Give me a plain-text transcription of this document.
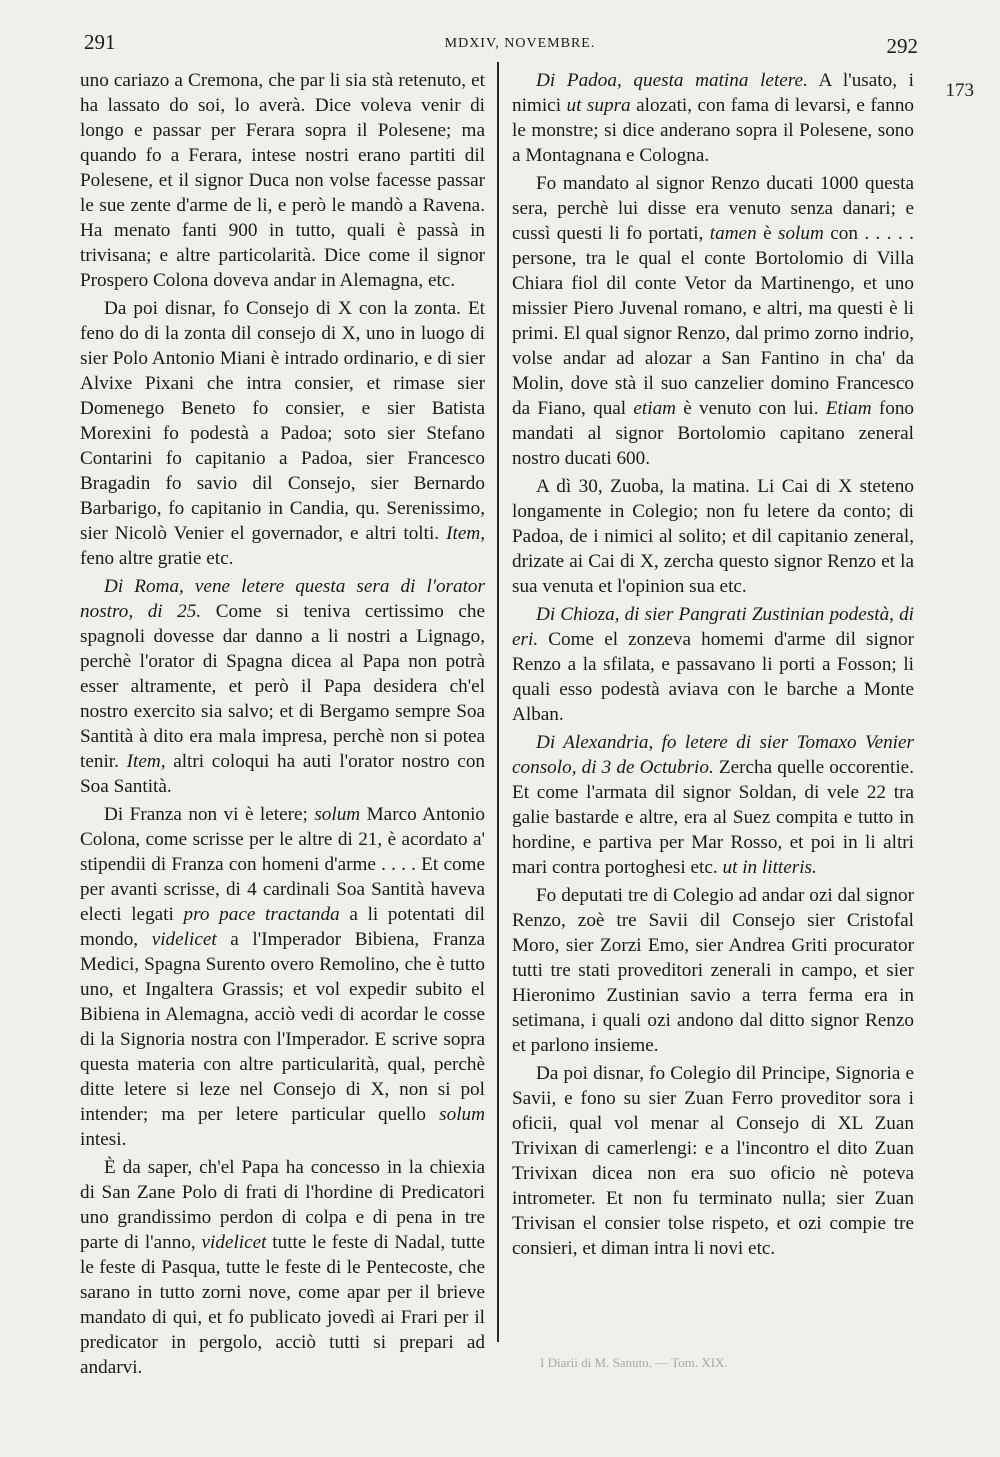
291	MDXIV, NOVEMBRE.	292

uno cariazo a Cremona, che par li sia stà retenuto, et ha lassato do soi, lo averà. Dice voleva venir di longo e passar per Ferara sopra il Polesene; ma quando fo a Ferara, intese nostri erano partiti dil Polesene, et il signor Duca non volse facesse passar le sue zente d'arme de li, e però le mandò a Ravena. Ha menato fanti 900 in tutto, quali è passà in trivisana; e altre particolarità. Dice come il signor Prospero Colona doveva andar in Alemagna, etc.

Da poi disnar, fo Consejo di X con la zonta. Et feno do di la zonta dil consejo di X, uno in luogo di sier Polo Antonio Miani è intrado ordinario, e di sier Alvixe Pixani che intra consier, et rimase sier Domenego Beneto fo consier, e sier Batista Morexini fo podestà a Padoa; soto sier Stefano Contarini fo capitanio a Padoa, sier Francesco Bragadin fo savio dil Consejo, sier Bernardo Barbarigo, fo capitanio in Candia, qu. Serenissimo, sier Nicolò Venier el governador, e altri tolti. Item, feno altre gratie etc.

Di Roma, vene letere questa sera di l'orator nostro, di 25. Come si teniva certissimo che spagnoli dovesse dar danno a li nostri a Lignago, perchè l'orator di Spagna dicea al Papa non potrà esser altramente, et però il Papa desidera ch'el nostro exercito sia salvo; et di Bergamo sempre Soa Santità à dito era mala impresa, perchè non si potea tenir. Item, altri coloqui ha auti l'orator nostro con Soa Santità.

Di Franza non vi è letere; solum Marco Antonio Colona, come scrisse per le altre di 21, è acordato a' stipendii di Franza con homeni d'arme . . . . Et come per avanti scrisse, di 4 cardinali Soa Santità haveva electi legati pro pace tractanda a li potentati dil mondo, videlicet a l'Imperador Bibiena, Franza Medici, Spagna Surento overo Remolino, che è tutto uno, et Ingaltera Grassis; et vol expedir subito el Bibiena in Alemagna, acciò vedi di acordar le cosse di la Signoria nostra con l'Imperador. E scrive sopra questa materia con altre particularità, qual, perchè ditte letere si leze nel Consejo di X, non si pol intender; ma per letere particular quello solum intesi.

È da saper, ch'el Papa ha concesso in la chiexia di San Zane Polo di frati di l'hordine di Predicatori uno grandissimo perdon di colpa e di pena in tre parte di l'anno, videlicet tutte le feste di Nadal, tutte le feste di Pasqua, tutte le feste di le Pentecoste, che sarano in tutto zorni nove, come apar per il brieve mandato di qui, et fo publicato jovedì ai Frari per il predicator in pergolo, acciò tutti si prepari ad andarvi.

Di Padoa, questa matina letere. A l'usato, i nimici ut supra alozati, con fama di levarsi, e fanno le monstre; si dice anderano sopra il Polesene, sono a Montagnana e Cologna.

Fo mandato al signor Renzo ducati 1000 questa sera, perchè lui disse era venuto senza danari; e cussì questi li fo portati, tamen è solum con . . . . . persone, tra le qual el conte Bortolomio di Villa Chiara fiol dil conte Vetor da Martinengo, et uno missier Piero Juvenal romano, e altri, ma questi è li primi. El qual signor Renzo, dal primo zorno indrio, volse andar ad alozar a San Fantino in cha' da Molin, dove stà il suo canzelier domino Francesco da Fiano, qual etiam è venuto con lui. Etiam fono mandati al signor Bortolomio capitano zeneral nostro ducati 600.

A dì 30, Zuoba, la matina. Li Cai di X steteno longamente in Colegio; non fu letere da conto; di Padoa, de i nimici al solito; et dil capitanio zeneral, drizate ai Cai di X, zercha questo signor Renzo et la sua venuta et l'opinion sua etc.

Di Chioza, di sier Pangrati Zustinian podestà, di eri. Come el zonzeva homemi d'arme dil signor Renzo a la sfilata, e passavano li porti a Fosson; li quali esso podestà aviava con le barche a Monte Alban.

Di Alexandria, fo letere di sier Tomaxo Venier consolo, di 3 de Octubrio. Zercha quelle occorentie. Et come l'armata dil signor Soldan, di vele 22 tra galie bastarde e altre, era al Suez compita e tutto in hordine, e partiva per Mar Rosso, et poi in li altri mari contra portoghesi etc. ut in litteris.

Fo deputati tre di Colegio ad andar ozi dal signor Renzo, zoè tre Savii dil Consejo sier Cristofal Moro, sier Zorzi Emo, sier Andrea Griti procurator tutti tre stati proveditori zenerali in campo, et sier Hieronimo Zustinian savio a terra ferma era in setimana, i quali ozi andono dal ditto signor Renzo et parlono insieme.

Da poi disnar, fo Colegio dil Principe, Signoria e Savii, e fono su sier Zuan Ferro proveditor sora i oficii, qual vol menar al Consejo di XL Zuan Trivixan di camerlengi: e a l'incontro el dito Zuan Trivixan dicea non era suo oficio nè poteva intrometer. Et non fu terminato nulla; sier Zuan Trivisan el consier tolse rispeto, et ozi compie tre consieri, et diman intra li novi etc.

173
I Diarii di M. Sanuto. — Tom. XIX.
